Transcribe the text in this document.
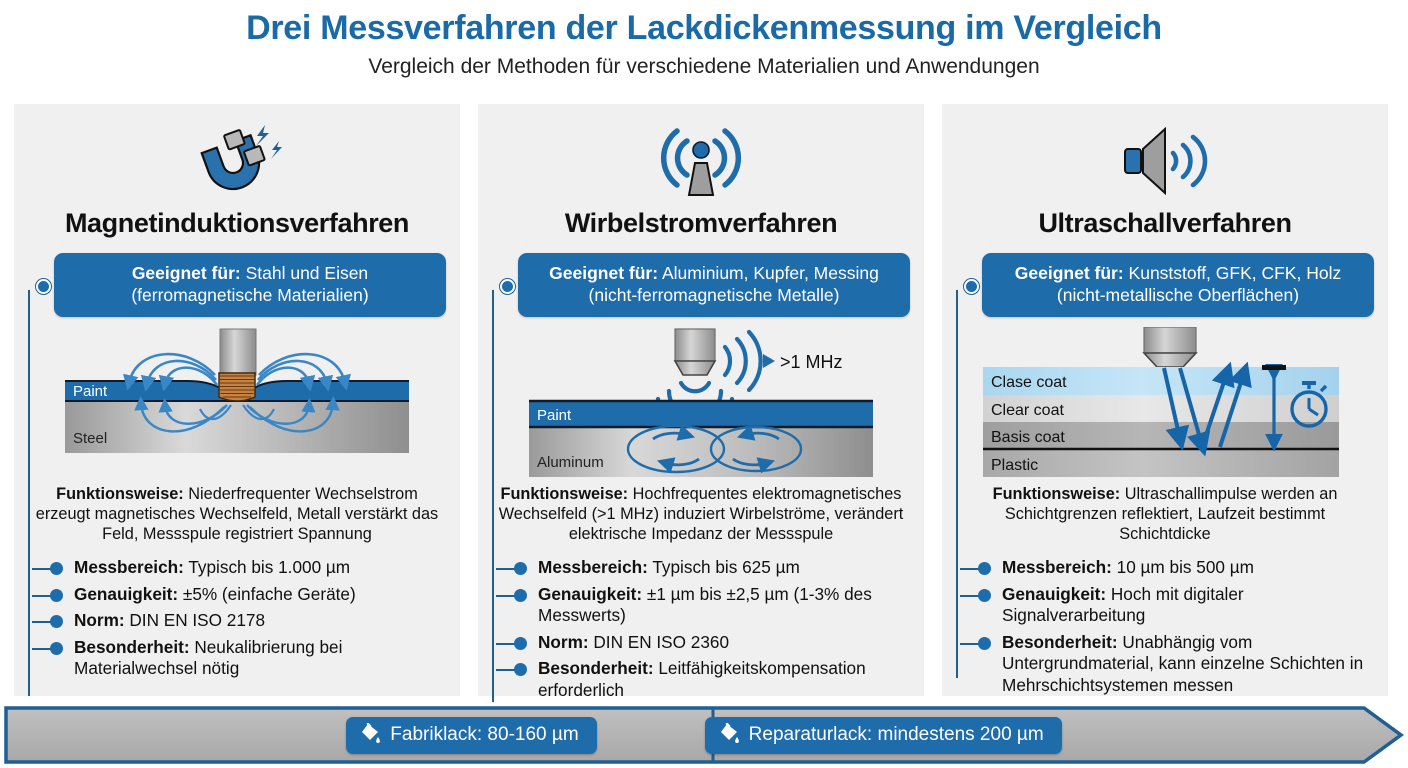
Drei Messverfahren der Lackdickenmessung im Vergleich
Vergleich der Methoden für verschiedene Materialien und Anwendungen
Magnetinduktionsverfahren
Geeignet für: Stahl und Eisen
(ferromagnetische Materialien)
Paint
Steel
Funktionsweise: Niederfrequenter Wechselstrom erzeugt magnetisches Wechselfeld, Metall verstärkt das Feld, Messspule registriert Spannung
Messbereich: Typisch bis 1.000 µm
Genauigkeit: ±5% (einfache Geräte)
Norm: DIN EN ISO 2178
Besonderheit: Neukalibrierung bei Materialwechsel nötig
Wirbelstromverfahren
Geeignet für: Aluminium, Kupfer, Messing
(nicht-ferromagnetische Metalle)
>1 MHz
Paint
Aluminum
Funktionsweise: Hochfrequentes elektromagnetisches Wechselfeld (>1 MHz) induziert Wirbelströme, verändert elektrische Impedanz der Messspule
Messbereich: Typisch bis 625 µm
Genauigkeit: ±1 µm bis ±2,5 µm (1-3% des Messwerts)
Norm: DIN EN ISO 2360
Besonderheit: Leitfähigkeitskompensation erforderlich
Ultraschallverfahren
Geeignet für: Kunststoff, GFK, CFK, Holz
(nicht-metallische Oberflächen)
Clase coat
Clear coat
Basis coat
Plastic
Funktionsweise: Ultraschallimpulse werden an Schichtgrenzen reflektiert, Laufzeit bestimmt Schichtdicke
Messbereich: 10 µm bis 500 µm
Genauigkeit: Hoch mit digitaler Signalverarbeitung
Besonderheit: Unabhängig vom Untergrundmaterial, kann einzelne Schichten in Mehrschichtsystemen messen
Fabriklack: 80-160 µm	Reparaturlack: mindestens 200 µm
